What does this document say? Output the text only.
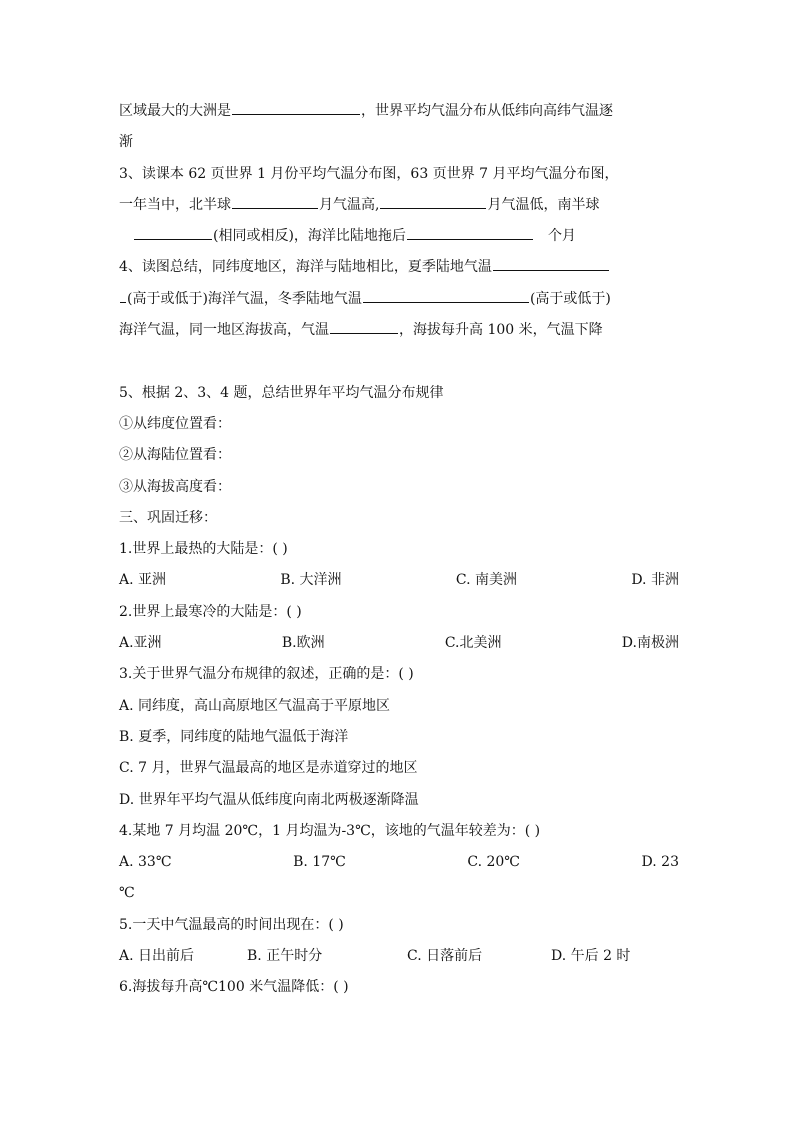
区域最大的大洲是	，世界平均气温分布从低纬向高纬气温逐
渐
3、读课本 62 页世界 1 月份平均气温分布图，63 页世界 7 月平均气温分布图，
一年当中，北半球	月气温高,	月气温低，南半球
(相同或相反)，海洋比陆地拖后	个月
4、读图总结，同纬度地区，海洋与陆地相比，夏季陆地气温
(高于或低于)海洋气温，冬季陆地气温	(高于或低于)
海洋气温，同一地区海拔高，气温	，海拔每升高 100 米，气温下降
5、根据 2、3、4 题，总结世界年平均气温分布规律
①从纬度位置看：
②从海陆位置看：
③从海拔高度看：
三、巩固迁移：
1.世界上最热的大陆是：( )
A. 亚洲	B. 大洋洲	C. 南美洲	D. 非洲
2.世界上最寒冷的大陆是：( )
A.亚洲	B.欧洲	C.北美洲	D.南极洲
3.关于世界气温分布规律的叙述，正确的是：( )
A. 同纬度，高山高原地区气温高于平原地区
B. 夏季，同纬度的陆地气温低于海洋
C. 7 月，世界气温最高的地区是赤道穿过的地区
D. 世界年平均气温从低纬度向南北两极逐渐降温
4.某地 7 月均温 20℃，1 月均温为-3℃，该地的气温年较差为：( )
A. 33℃	B. 17℃	C. 20℃	D. 23
℃
5.一天中气温最高的时间出现在：( )
A. 日出前后	B. 正午时分	C. 日落前后	D. 午后 2 时
6.海拔每升高℃100 米气温降低：( )
